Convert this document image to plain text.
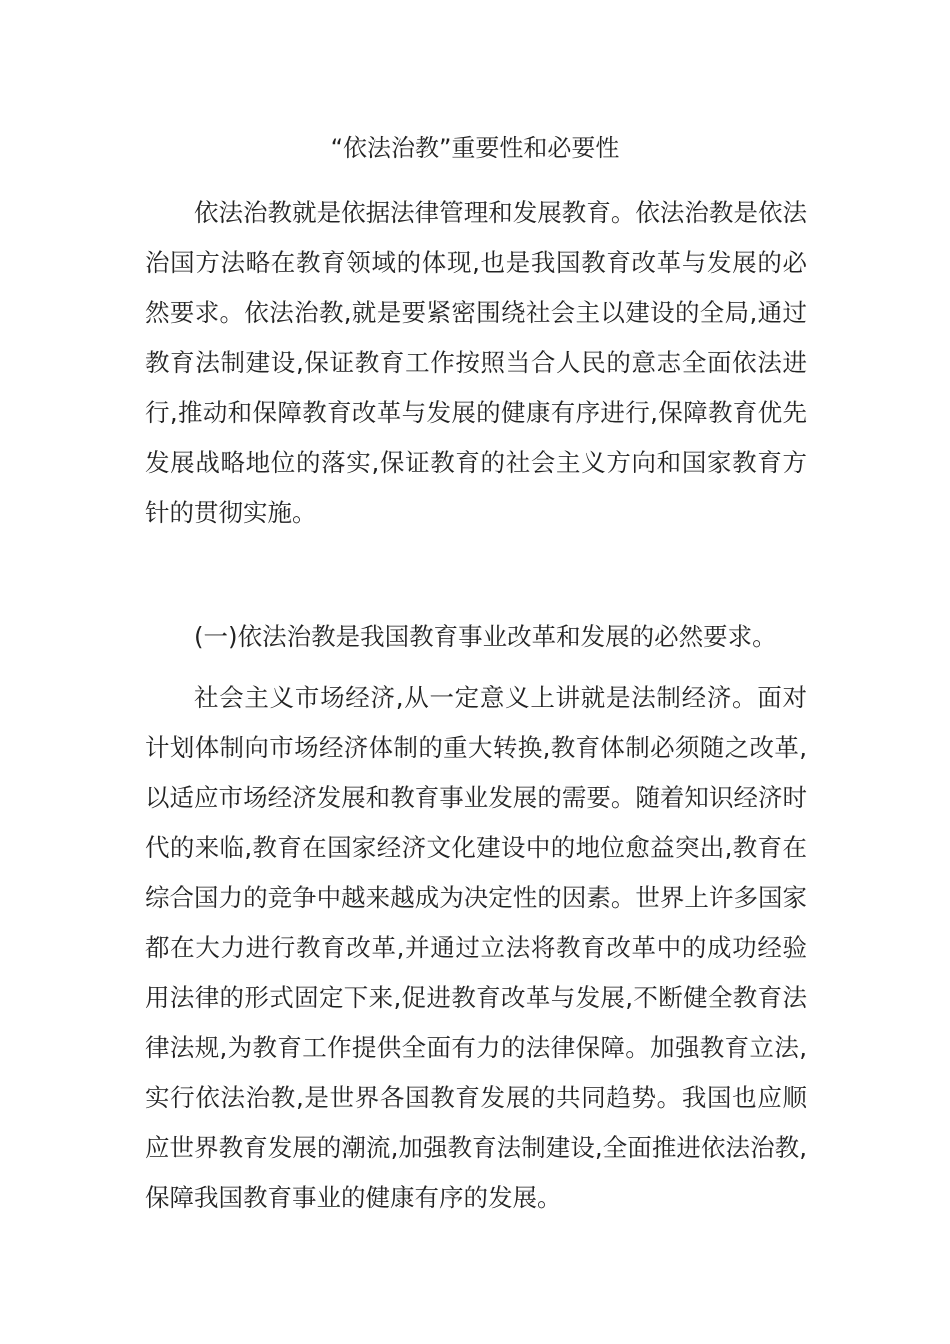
“依法治教”重要性和必要性

依法治教就是依据法律管理和发展教育。依法治教是依法治国方法略在教育领域的体现,也是我国教育改革与发展的必然要求。依法治教,就是要紧密围绕社会主以建设的全局,通过教育法制建设,保证教育工作按照当合人民的意志全面依法进行,推动和保障教育改革与发展的健康有序进行,保障教育优先发展战略地位的落实,保证教育的社会主义方向和国家教育方针的贯彻实施。

(一)依法治教是我国教育事业改革和发展的必然要求。

社会主义市场经济,从一定意义上讲就是法制经济。面对计划体制向市场经济体制的重大转换,教育体制必须随之改革,以适应市场经济发展和教育事业发展的需要。随着知识经济时代的来临,教育在国家经济文化建设中的地位愈益突出,教育在综合国力的竞争中越来越成为决定性的因素。世界上许多国家都在大力进行教育改革,并通过立法将教育改革中的成功经验用法律的形式固定下来,促进教育改革与发展,不断健全教育法律法规,为教育工作提供全面有力的法律保障。加强教育立法,实行依法治教,是世界各国教育发展的共同趋势。我国也应顺应世界教育发展的潮流,加强教育法制建设,全面推进依法治教,保障我国教育事业的健康有序的发展。
